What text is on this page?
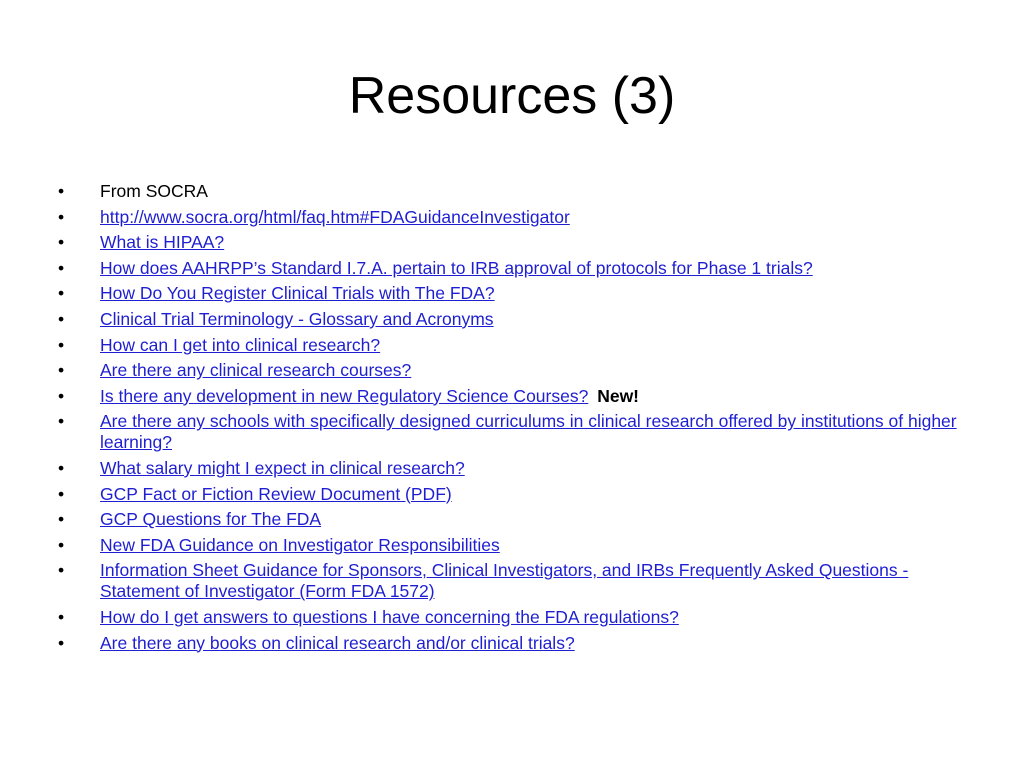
Resources (3)
•	From SOCRA
•	http://www.socra.org/html/faq.htm#FDAGuidanceInvestigator
•	What is HIPAA?
•	How does AAHRPP’s Standard I.7.A. pertain to IRB approval of protocols for Phase 1 trials?
•	How Do You Register Clinical Trials with The FDA?
•	Clinical Trial Terminology - Glossary and Acronyms
•	How can I get into clinical research?
•	Are there any clinical research courses?
•	Is there any development in new Regulatory Science Courses? New!
•	Are there any schools with specifically designed curriculums in clinical research offered by institutions of higher learning?
•	What salary might I expect in clinical research?
•	GCP Fact or Fiction Review Document (PDF)
•	GCP Questions for The FDA
•	New FDA Guidance on Investigator Responsibilities
•	Information Sheet Guidance for Sponsors, Clinical Investigators, and IRBs Frequently Asked Questions - Statement of Investigator (Form FDA 1572)
•	How do I get answers to questions I have concerning the FDA regulations?
•	Are there any books on clinical research and/or clinical trials?
